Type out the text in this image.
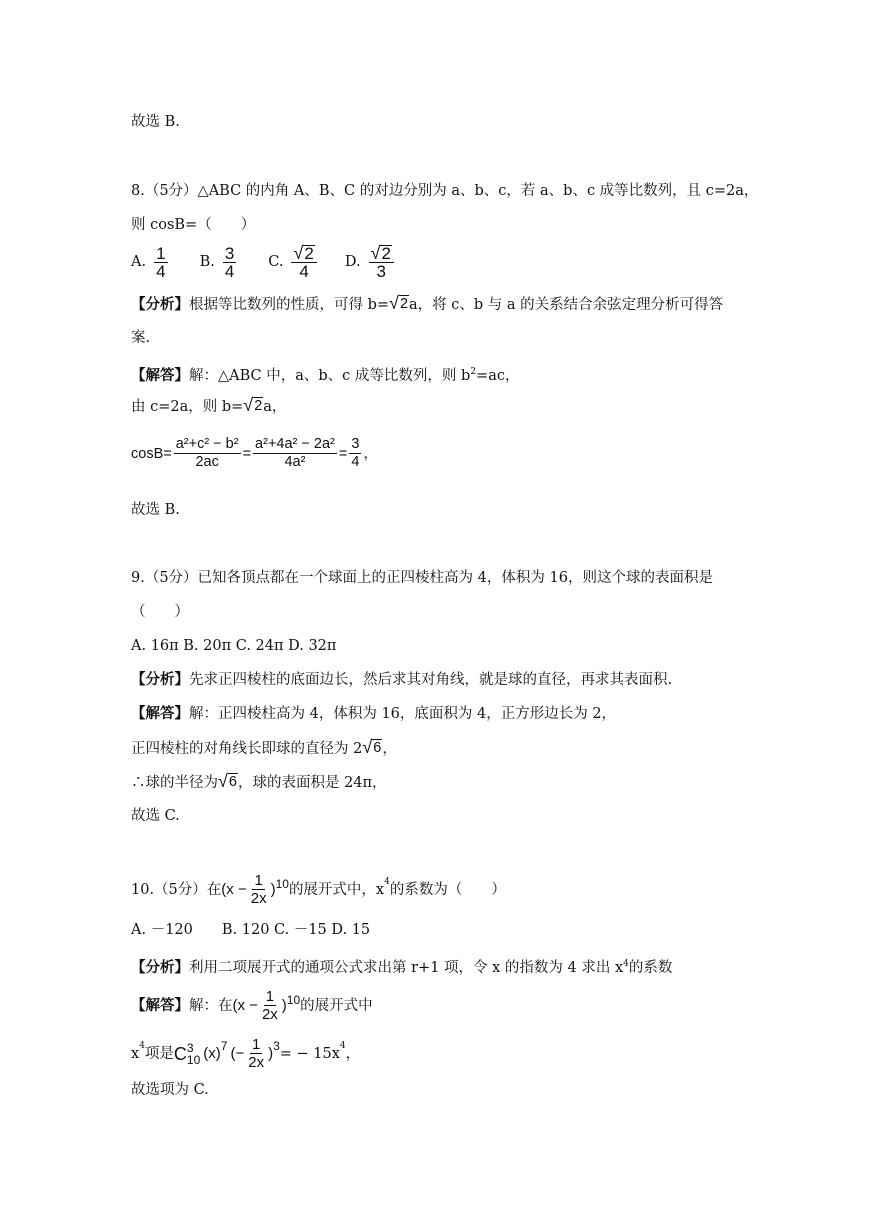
故选 B.
8.（5分）△ABC 的内角 A、B、C 的对边分别为 a、b、c，若 a、b、c 成等比数列，且 c=2a，
则 cosB=（　　）
A. $\frac{1}{4} B$. $\frac{3}{4} C$. $\frac{√ 2}{4} D$. $\frac{√ 2}{3}$
【分析】根据等比数列的性质，可得 b= √ 2 a，将 c、b 与 a 的关系结合余弦定理分析可得答
案.
【解答】解：△ABC 中，a、b、c 成等比数列，则 $b^2=ac$，
由 c=2a，则 b= √ 2 a，
$\cos B= \frac{\text{a²+c² − b²}}{2ac} = \frac{\text{a²+4a² − 2a²}}{\text{4a²}} = \frac{3}{4}$ ，
故选 B.
9.（5分）已知各顶点都在一个球面上的正四棱柱高为 4，体积为 16，则这个球的表面积是
（　　）
A. 16π B. 20π C. 24π D. 32π
【分析】先求正四棱柱的底面边长，然后求其对角线，就是球的直径，再求其表面积.
【解答】解：正四棱柱高为 4，体积为 16，底面积为 4，正方形边长为 2，
正四棱柱的对角线长即球的直径为 2 √ 6 ，
∴球的半径为 √ 6 ，球的表面积是 24π，
故选 C.
10.（5分）在 $(x - \frac{1}{2x} )^{10}$ 的展开式中，$x^4$ 的系数为（　　）
A. －120　　B. 120 C. －15 D. 15
【分析】利用二项展开式的通项公式求出第 r+1 项，令 x 的指数为 4 求出 $x^4$的系数
【解答】 解：在 $(x - \frac{1}{2x} )^{10}$ 的展开式中
$x^4$ 项是 C 3
10 $(x)^7$ (− $\frac{1}{2x} )^3$ = − $15x^4$ ，
故选项为 C.
